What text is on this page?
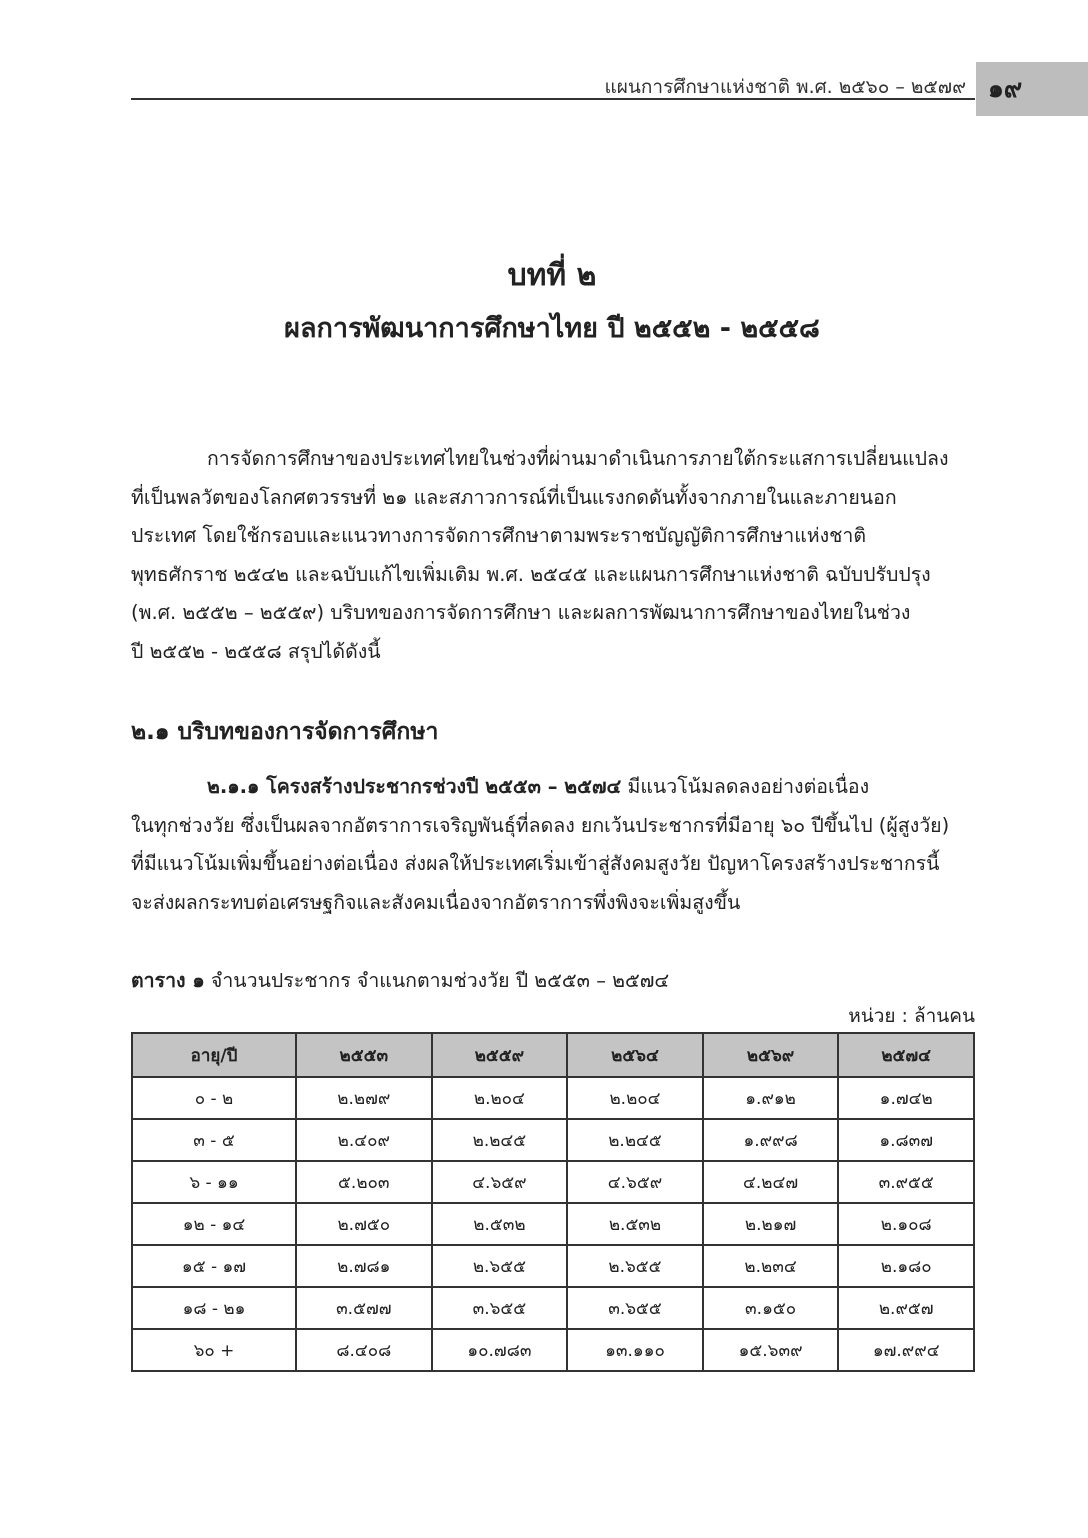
แผนการศึกษาแห่งชาติ พ.ศ. ๒๕๖๐ – ๒๕๗๙ ๑๙
บทที่ ๒
ผลการพัฒนาการศึกษาไทย ปี ๒๕๕๒ - ๒๕๕๘

การจัดการศึกษาของประเทศไทยในช่วงที่ผ่านมาดำเนินการภายใต้กระแสการเปลี่ยนแปลง
ที่เป็นพลวัตของโลกศตวรรษที่ ๒๑ และสภาวการณ์ที่เป็นแรงกดดันทั้งจากภายในและภายนอก
ประเทศ โดยใช้กรอบและแนวทางการจัดการศึกษาตามพระราชบัญญัติการศึกษาแห่งชาติ
พุทธศักราช ๒๕๔๒ และฉบับแก้ไขเพิ่มเติม พ.ศ. ๒๕๔๕ และแผนการศึกษาแห่งชาติ ฉบับปรับปรุง
(พ.ศ. ๒๕๕๒ – ๒๕๕๙) บริบทของการจัดการศึกษา และผลการพัฒนาการศึกษาของไทยในช่วง
ปี ๒๕๕๒ - ๒๕๕๘ สรุปได้ดังนี้

๒.๑ บริบทของการจัดการศึกษา

๒.๑.๑ โครงสร้างประชากรช่วงปี ๒๕๕๓ – ๒๕๗๔ มีแนวโน้มลดลงอย่างต่อเนื่อง
ในทุกช่วงวัย ซึ่งเป็นผลจากอัตราการเจริญพันธุ์ที่ลดลง ยกเว้นประชากรที่มีอายุ ๖๐ ปีขึ้นไป (ผู้สูงวัย)
ที่มีแนวโน้มเพิ่มขึ้นอย่างต่อเนื่อง ส่งผลให้ประเทศเริ่มเข้าสู่สังคมสูงวัย ปัญหาโครงสร้างประชากรนี้
จะส่งผลกระทบต่อเศรษฐกิจและสังคมเนื่องจากอัตราการพึ่งพิงจะเพิ่มสูงขึ้น

ตาราง ๑ จำนวนประชากร จำแนกตามช่วงวัย ปี ๒๕๕๓ – ๒๕๗๔
หน่วย : ล้านคน
อายุ/ปี	๒๕๕๓	๒๕๕๙	๒๕๖๔	๒๕๖๙	๒๕๗๔
๐ - ๒	๒.๒๗๙	๒.๒๐๔	๒.๒๐๔	๑.๙๑๒	๑.๗๔๒
๓ - ๕	๒.๔๐๙	๒.๒๔๕	๒.๒๔๕	๑.๙๙๘	๑.๘๓๗
๖ - ๑๑	๕.๒๐๓	๔.๖๕๙	๔.๖๕๙	๔.๒๔๗	๓.๙๕๕
๑๒ - ๑๔	๒.๗๕๐	๒.๕๓๒	๒.๕๓๒	๒.๒๑๗	๒.๑๐๘
๑๕ - ๑๗	๒.๗๘๑	๒.๖๕๕	๒.๖๕๕	๒.๒๓๔	๒.๑๘๐
๑๘ - ๒๑	๓.๕๗๗	๓.๖๕๕	๓.๖๕๕	๓.๑๕๐	๒.๙๕๗
๖๐ +	๘.๔๐๘	๑๐.๗๘๓	๑๓.๑๑๐	๑๕.๖๓๙	๑๗.๙๙๔
